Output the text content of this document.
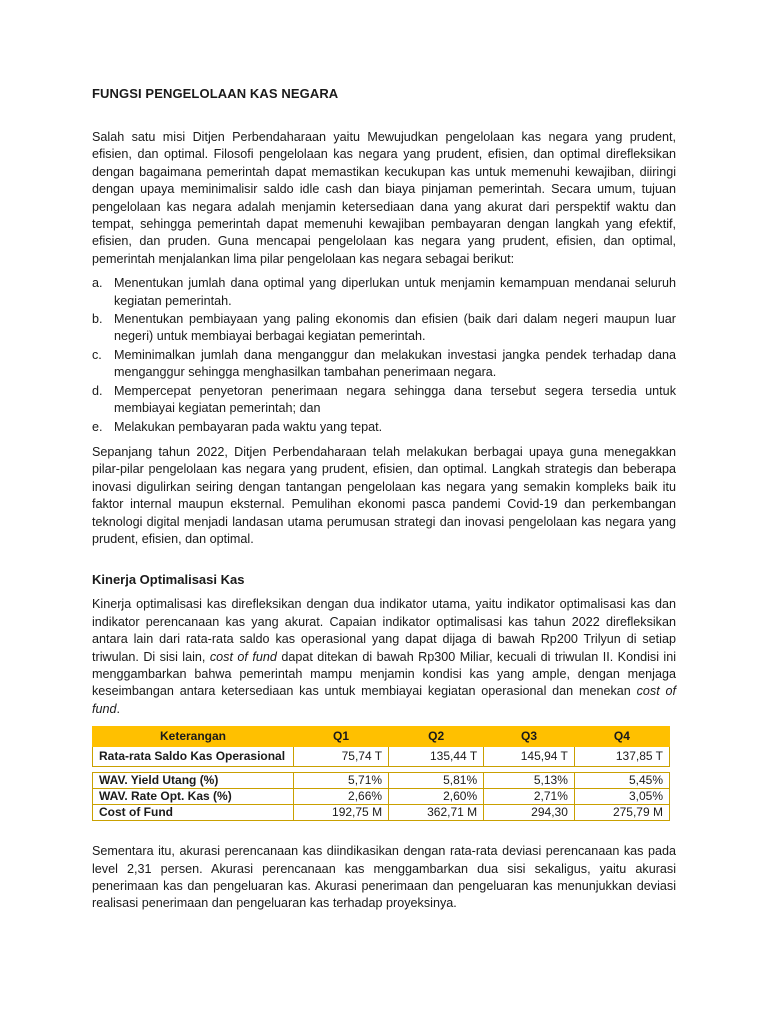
FUNGSI PENGELOLAAN KAS NEGARA

Salah satu misi Ditjen Perbendaharaan yaitu Mewujudkan pengelolaan kas negara yang prudent, efisien, dan optimal. Filosofi pengelolaan kas negara yang prudent, efisien, dan optimal direfleksikan dengan bagaimana pemerintah dapat memastikan kecukupan kas untuk memenuhi kewajiban, diiringi dengan upaya meminimalisir saldo idle cash dan biaya pinjaman pemerintah. Secara umum, tujuan pengelolaan kas negara adalah menjamin ketersediaan dana yang akurat dari perspektif waktu dan tempat, sehingga pemerintah dapat memenuhi kewajiban pembayaran dengan langkah yang efektif, efisien, dan pruden. Guna mencapai pengelolaan kas negara yang prudent, efisien, dan optimal, pemerintah menjalankan lima pilar pengelolaan kas negara sebagai berikut:

a. Menentukan jumlah dana optimal yang diperlukan untuk menjamin kemampuan mendanai seluruh kegiatan pemerintah.
b. Menentukan pembiayaan yang paling ekonomis dan efisien (baik dari dalam negeri maupun luar negeri) untuk membiayai berbagai kegiatan pemerintah.
c. Meminimalkan jumlah dana menganggur dan melakukan investasi jangka pendek terhadap dana menganggur sehingga menghasilkan tambahan penerimaan negara.
d. Mempercepat penyetoran penerimaan negara sehingga dana tersebut segera tersedia untuk membiayai kegiatan pemerintah; dan
e. Melakukan pembayaran pada waktu yang tepat.

Sepanjang tahun 2022, Ditjen Perbendaharaan telah melakukan berbagai upaya guna menegakkan pilar-pilar pengelolaan kas negara yang prudent, efisien, dan optimal. Langkah strategis dan beberapa inovasi digulirkan seiring dengan tantangan pengelolaan kas negara yang semakin kompleks baik itu faktor internal maupun eksternal. Pemulihan ekonomi pasca pandemi Covid-19 dan perkembangan teknologi digital menjadi landasan utama perumusan strategi dan inovasi pengelolaan kas negara yang prudent, efisien, dan optimal.

Kinerja Optimalisasi Kas

Kinerja optimalisasi kas direfleksikan dengan dua indikator utama, yaitu indikator optimalisasi kas dan indikator perencanaan kas yang akurat. Capaian indikator optimalisasi kas tahun 2022 direfleksikan antara lain dari rata-rata saldo kas operasional yang dapat dijaga di bawah Rp200 Trilyun di setiap triwulan. Di sisi lain, cost of fund dapat ditekan di bawah Rp300 Miliar, kecuali di triwulan II. Kondisi ini menggambarkan bahwa pemerintah mampu menjamin kondisi kas yang ample, dengan menjaga keseimbangan antara ketersediaan kas untuk membiayai kegiatan operasional dan menekan cost of fund.

Keterangan	Q1	Q2	Q3	Q4
Rata-rata Saldo Kas Operasional	75,74 T	135,44 T	145,94 T	137,85 T

WAV. Yield Utang (%)	5,71%	5,81%	5,13%	5,45%
WAV. Rate Opt. Kas (%)	2,66%	2,60%	2,71%	3,05%
Cost of Fund	192,75 M	362,71 M	294,30	275,79 M

Sementara itu, akurasi perencanaan kas diindikasikan dengan rata-rata deviasi perencanaan kas pada level 2,31 persen. Akurasi perencanaan kas menggambarkan dua sisi sekaligus, yaitu akurasi penerimaan kas dan pengeluaran kas. Akurasi penerimaan dan pengeluaran kas menunjukkan deviasi realisasi penerimaan dan pengeluaran kas terhadap proyeksinya.
